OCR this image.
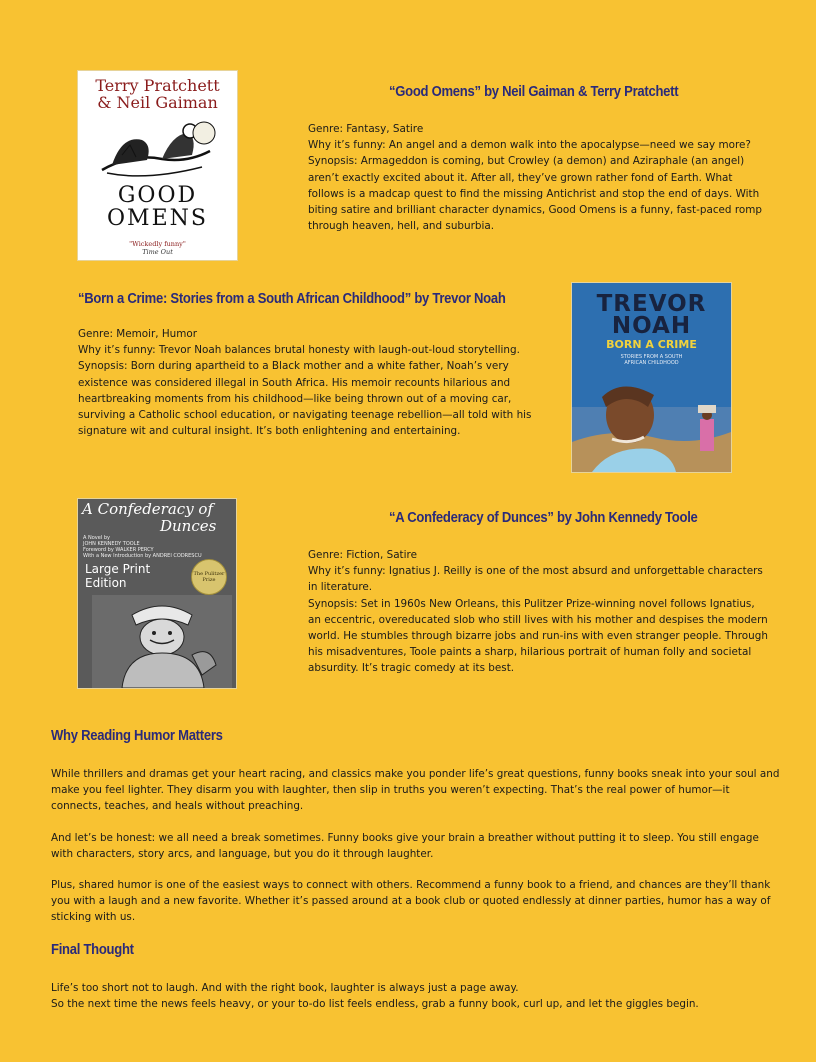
Terry Pratchett
& Neil Gaiman
GOOD
OMENS
"Wickedly funny"
Time Out
“Good Omens” by Neil Gaiman & Terry Pratchett

Genre: Fantasy, Satire

Why it’s funny: An angel and a demon walk into the apocalypse—need we say more?

Synopsis: Armageddon is coming, but Crowley (a demon) and Aziraphale (an angel) aren’t exactly excited about it. After all, they’ve grown rather fond of Earth. What follows is a madcap quest to find the missing Antichrist and stop the end of days. With biting satire and brilliant character dynamics, Good Omens is a funny, fast-paced romp through heaven, hell, and suburbia.

“Born a Crime: Stories from a South African Childhood” by Trevor Noah

Genre: Memoir, Humor

Why it’s funny: Trevor Noah balances brutal honesty with laugh-out-loud storytelling.

Synopsis: Born during apartheid to a Black mother and a white father, Noah’s very existence was considered illegal in South Africa. His memoir recounts hilarious and heartbreaking moments from his childhood—like being thrown out of a moving car, surviving a Catholic school education, or navigating teenage rebellion—all told with his signature wit and cultural insight. It’s both enlightening and entertaining.

TREVOR
NOAH
BORN A CRIME
STORIES FROM A SOUTH AFRICAN CHILDHOOD
A Confederacy of
Dunces
A Novel by
JOHN KENNEDY TOOLE
Foreword by WALKER PERCY
With a New Introduction by ANDREI CODRESCU
Large Print Edition
The Pulitzer Prize
“A Confederacy of Dunces” by John Kennedy Toole

Genre: Fiction, Satire

Why it’s funny: Ignatius J. Reilly is one of the most absurd and unforgettable characters in literature.

Synopsis: Set in 1960s New Orleans, this Pulitzer Prize-winning novel follows Ignatius, an eccentric, overeducated slob who still lives with his mother and despises the modern world. He stumbles through bizarre jobs and run-ins with even stranger people. Through his misadventures, Toole paints a sharp, hilarious portrait of human folly and societal absurdity. It’s tragic comedy at its best.

Why Reading Humor Matters

While thrillers and dramas get your heart racing, and classics make you ponder life’s great questions, funny books sneak into your soul and make you feel lighter. They disarm you with laughter, then slip in truths you weren’t expecting. That’s the real power of humor—it connects, teaches, and heals without preaching.

And let’s be honest: we all need a break sometimes. Funny books give your brain a breather without putting it to sleep. You still engage with characters, story arcs, and language, but you do it through laughter.

Plus, shared humor is one of the easiest ways to connect with others. Recommend a funny book to a friend, and chances are they’ll thank you with a laugh and a new favorite. Whether it’s passed around at a book club or quoted endlessly at dinner parties, humor has a way of sticking with us.

Final Thought

Life’s too short not to laugh. And with the right book, laughter is always just a page away.

So the next time the news feels heavy, or your to-do list feels endless, grab a funny book, curl up, and let the giggles begin.
